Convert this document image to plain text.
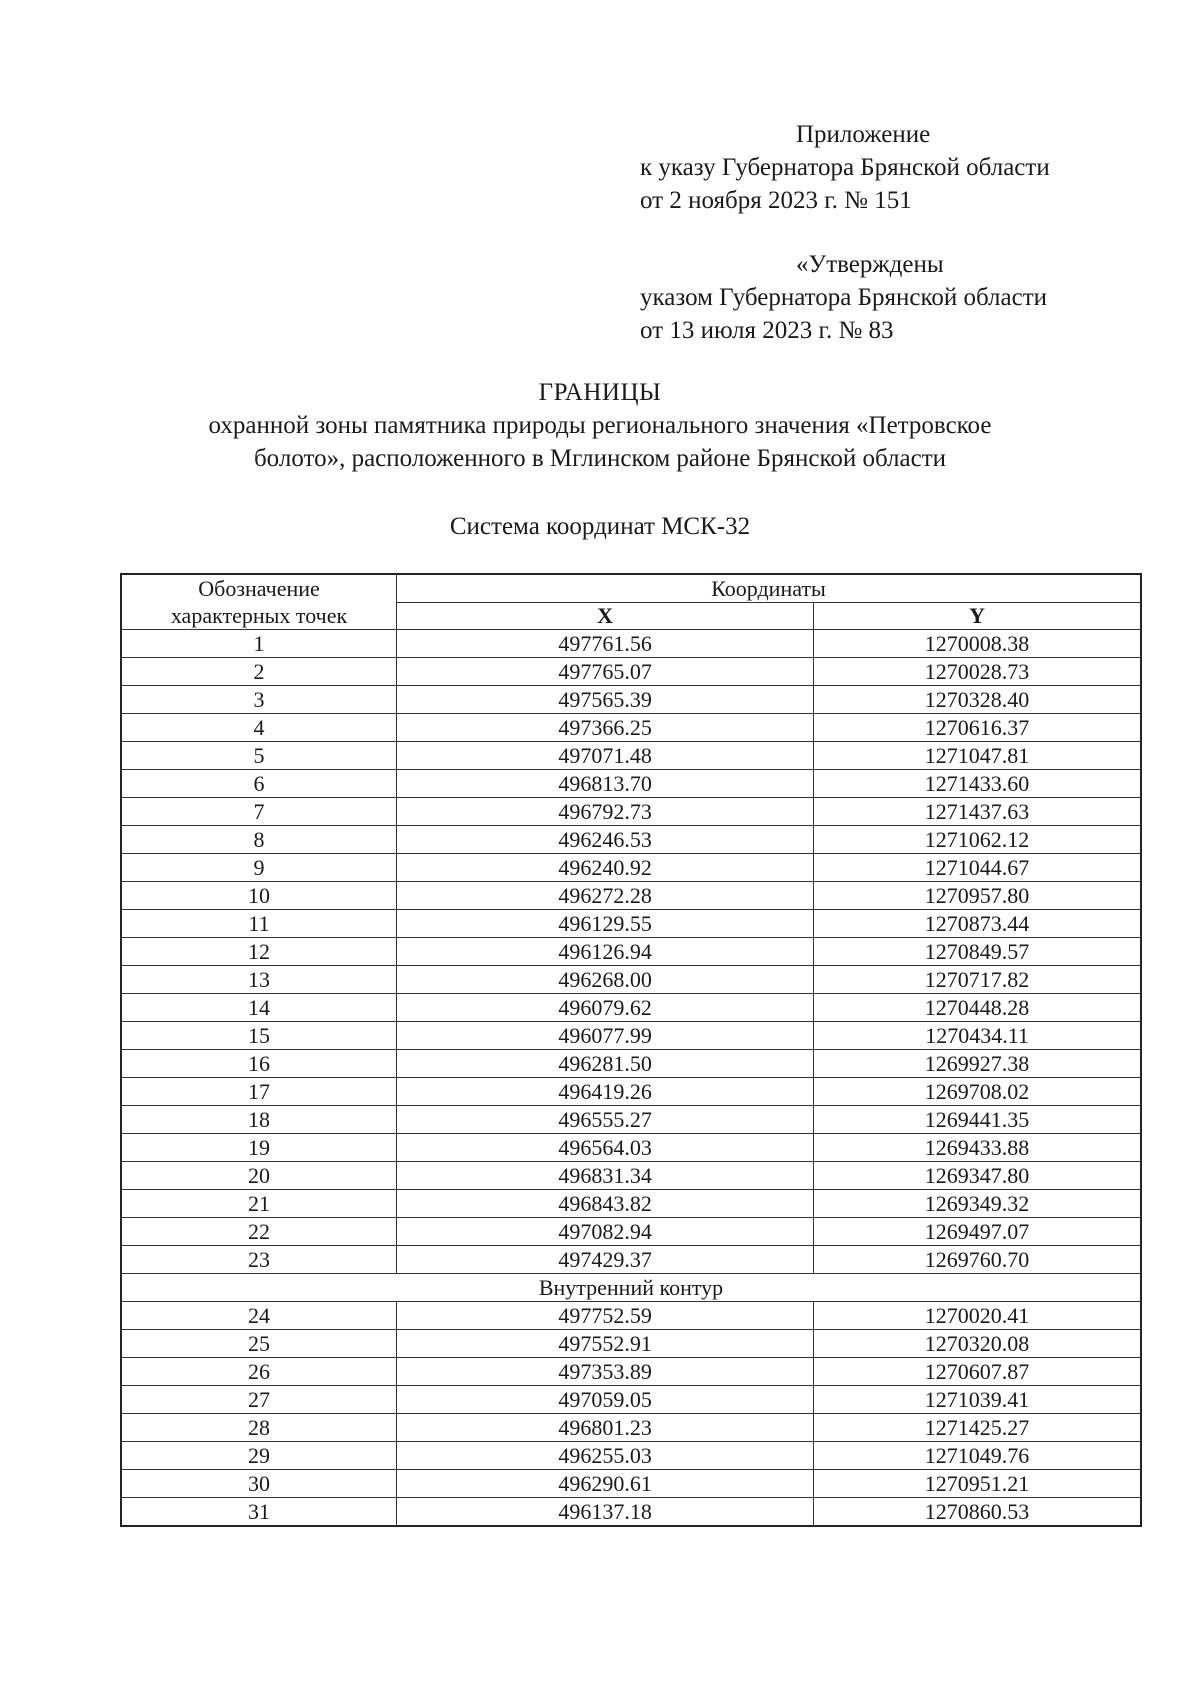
Приложение
к указу Губернатора Брянской области
от 2 ноября 2023 г. № 151
«Утверждены
указом Губернатора Брянской области
от 13 июля 2023 г. № 83
ГРАНИЦЫ
охранной зоны памятника природы регионального значения «Петровское
болото», расположенного в Мглинском районе Брянской области
Система координат МСК-32
Обозначение
характерных точек	Координаты	
	X	Y
1	497761.56	1270008.38
2	497765.07	1270028.73
3	497565.39	1270328.40
4	497366.25	1270616.37
5	497071.48	1271047.81
6	496813.70	1271433.60
7	496792.73	1271437.63
8	496246.53	1271062.12
9	496240.92	1271044.67
10	496272.28	1270957.80
11	496129.55	1270873.44
12	496126.94	1270849.57
13	496268.00	1270717.82
14	496079.62	1270448.28
15	496077.99	1270434.11
16	496281.50	1269927.38
17	496419.26	1269708.02
18	496555.27	1269441.35
19	496564.03	1269433.88
20	496831.34	1269347.80
21	496843.82	1269349.32
22	497082.94	1269497.07
23	497429.37	1269760.70
Внутренний контур		
24	497752.59	1270020.41
25	497552.91	1270320.08
26	497353.89	1270607.87
27	497059.05	1271039.41
28	496801.23	1271425.27
29	496255.03	1271049.76
30	496290.61	1270951.21
31	496137.18	1270860.53
